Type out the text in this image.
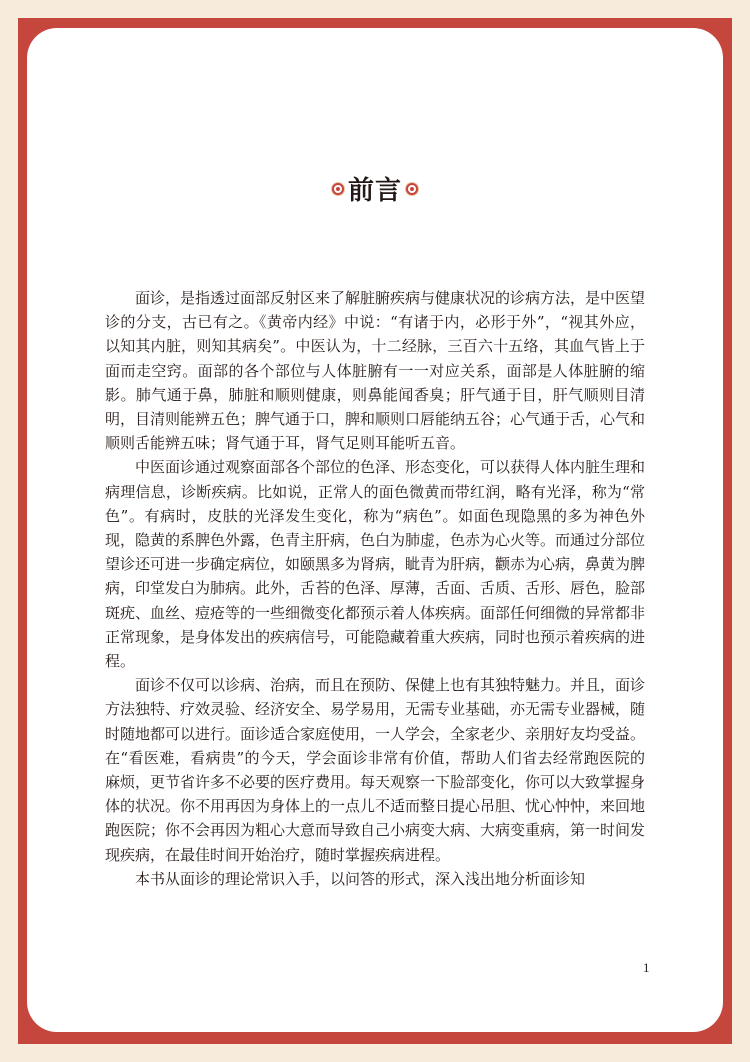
前言

面诊，是指透过面部反射区来了解脏腑疾病与健康状况的诊病方法，是中医望诊的分支，古已有之。《黄帝内经》中说：“有诸于内，必形于外”，“视其外应，以知其内脏，则知其病矣”。中医认为，十二经脉，三百六十五络，其血气皆上于面而走空窍。面部的各个部位与人体脏腑有一一对应关系，面部是人体脏腑的缩影。肺气通于鼻，肺脏和顺则健康，则鼻能闻香臭；肝气通于目，肝气顺则目清明，目清则能辨五色；脾气通于口，脾和顺则口唇能纳五谷；心气通于舌，心气和顺则舌能辨五味；肾气通于耳，肾气足则耳能听五音。

中医面诊通过观察面部各个部位的色泽、形态变化，可以获得人体内脏生理和病理信息，诊断疾病。比如说，正常人的面色微黄而带红润，略有光泽，称为“常色”。有病时，皮肤的光泽发生变化，称为“病色”。如面色现隐黑的多为神色外现，隐黄的系脾色外露，色青主肝病，色白为肺虚，色赤为心火等。而通过分部位望诊还可进一步确定病位，如颐黑多为肾病，眦青为肝病，颧赤为心病，鼻黄为脾病，印堂发白为肺病。此外，舌苔的色泽、厚薄，舌面、舌质、舌形、唇色，脸部斑疣、血丝、痘疮等的一些细微变化都预示着人体疾病。面部任何细微的异常都非正常现象，是身体发出的疾病信号，可能隐藏着重大疾病，同时也预示着疾病的进程。

面诊不仅可以诊病、治病，而且在预防、保健上也有其独特魅力。并且，面诊方法独特、疗效灵验、经济安全、易学易用，无需专业基础，亦无需专业器械，随时随地都可以进行。面诊适合家庭使用，一人学会，全家老少、亲朋好友均受益。在“看医难，看病贵”的今天，学会面诊非常有价值，帮助人们省去经常跑医院的麻烦，更节省许多不必要的医疗费用。每天观察一下脸部变化，你可以大致掌握身体的状况。你不用再因为身体上的一点儿不适而整日提心吊胆、忧心忡忡，来回地跑医院；你不会再因为粗心大意而导致自己小病变大病、大病变重病，第一时间发现疾病，在最佳时间开始治疗，随时掌握疾病进程。

本书从面诊的理论常识入手，以问答的形式，深入浅出地分析面诊知

1
